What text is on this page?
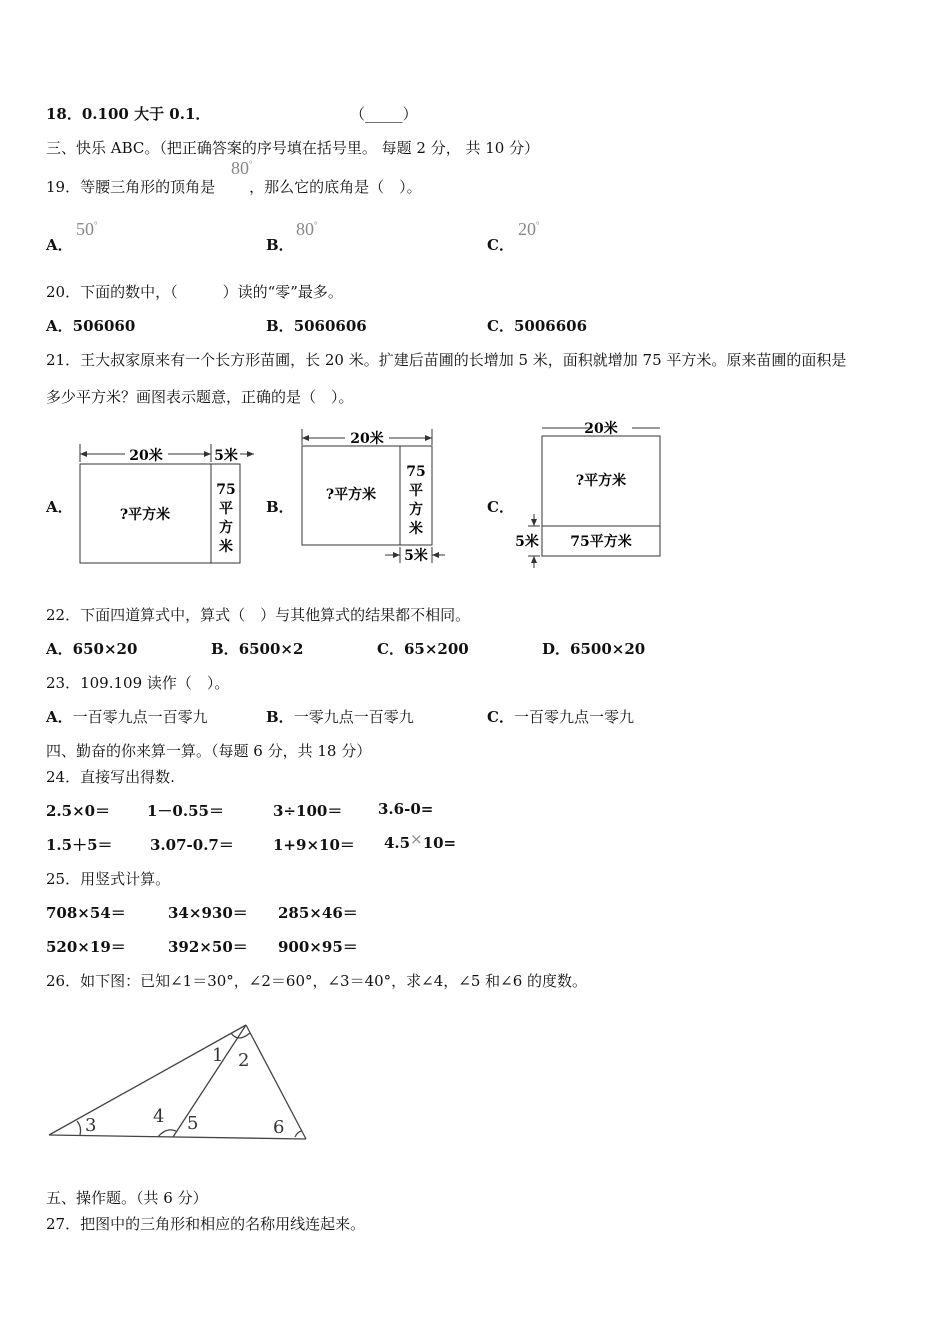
18．0.100 大于 0.1．	（_____）
三、快乐 ABC。（把正确答案的序号填在括号里。 每题 2 分， 共 10 分）
19．等腰三角形的顶角是 ，那么它的底角是（　）。
80°
A．
50°
B．
80°
C．
20°
20．下面的数中，（　　　）读的“零”最多。
A．506060	B．5060606	C．5006606
21．王大叔家原来有一个长方形苗圃，长 20 米。扩建后苗圃的长增加 5 米，面积就增加 75 平方米。原来苗圃的面积是
多少平方米？画图表示题意，正确的是（　）。
A．	B．	C．
20米	5米
?平方米
75
平
方
米
20米
5米
?平方米
75
平
方
米
20米
?平方米
75平方米
5米
22．下面四道算式中，算式（　）与其他算式的结果都不相同。
A．650×20	B．6500×2	C．65×200	D．6500×20
23．109.109 读作（　）。
A．一百零九点一百零九	B．一零九点一百零九	C．一百零九点一零九
四、勤奋的你来算一算。（每题 6 分，共 18 分）
24．直接写出得数.
2.5×0＝ 1－0.55＝	3÷100＝ 3.6-0=
1.5＋5＝ 3.07-0.7＝	1+9×10＝ 4.5×10=
25．用竖式计算。
708×54＝	34×930＝ 285×46＝
520×19＝	392×50＝ 900×95＝
26．如下图：已知∠1＝30°，∠2＝60°，∠3＝40°，求∠4，∠5 和∠6 的度数。
1 2
3	4 5	6
五、操作题。（共 6 分）
27．把图中的三角形和相应的名称用线连起来。
